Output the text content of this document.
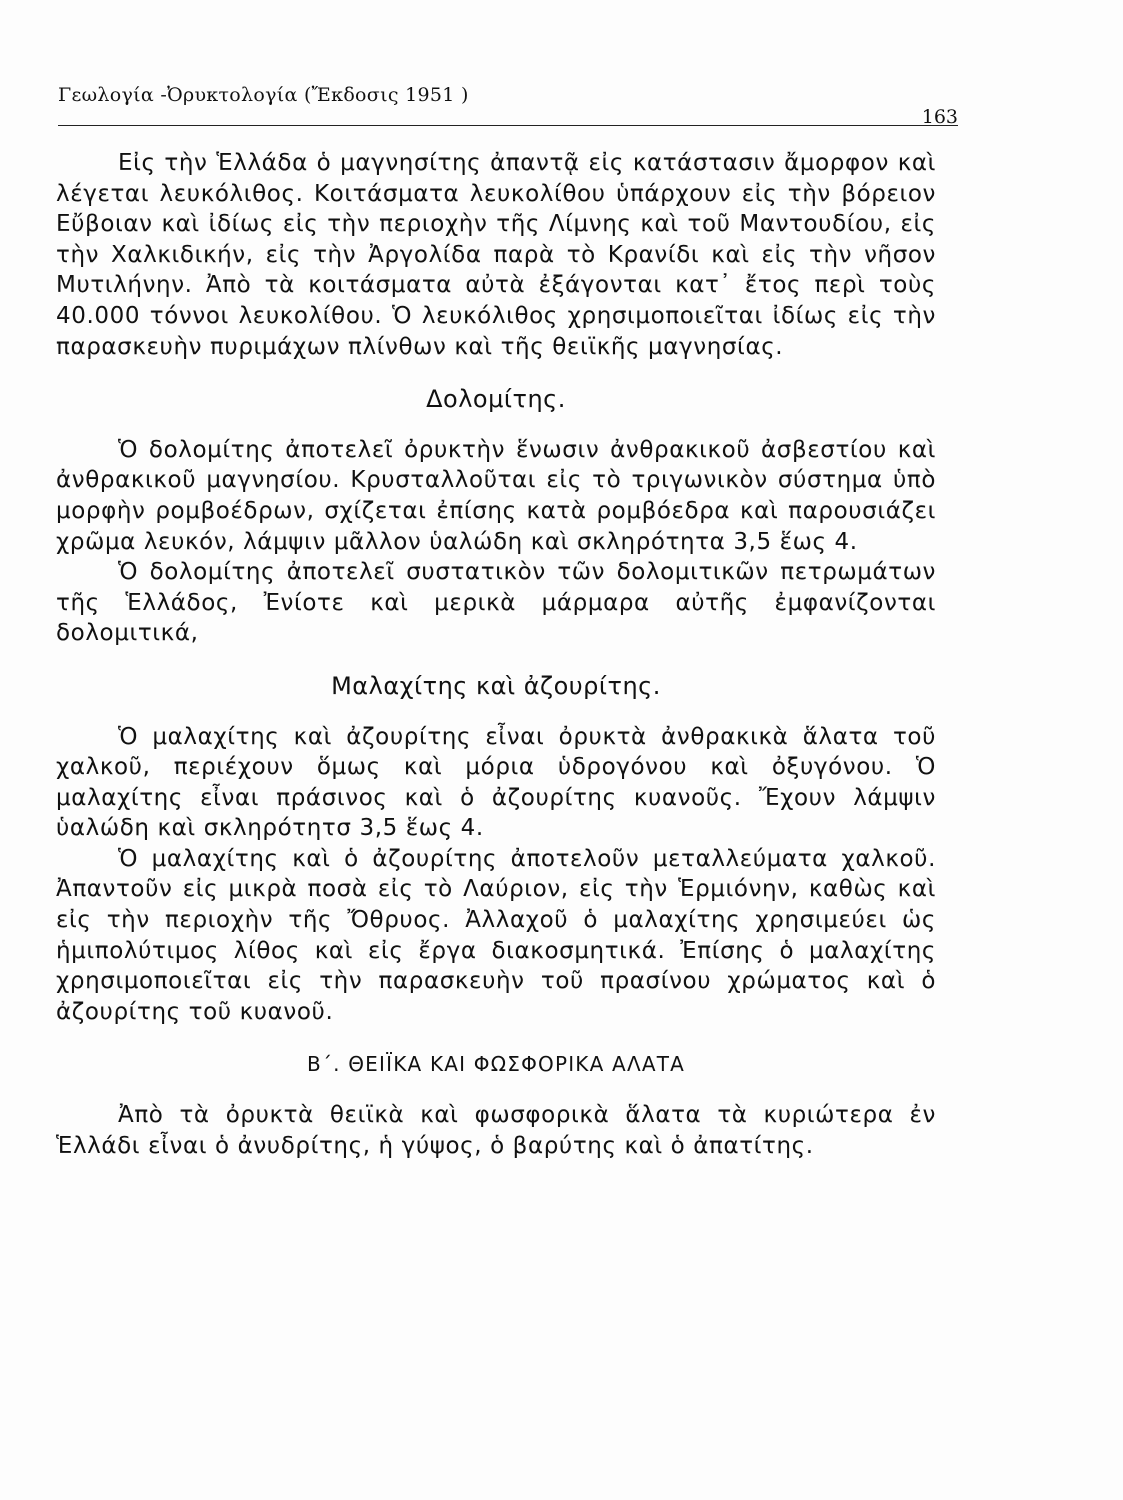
Γεωλογία -Ὀρυκτολογία (Ἔκδοσις 1951 )
163

Εἰς τὴν Ἑλλάδα ὁ μαγνησίτης ἀπαντᾷ εἰς κατάστασιν ἄμορφον καὶ λέγεται λευκόλιθος. Κοιτάσματα λευκολίθου ὑπάρχουν εἰς τὴν βόρειον Εὔβοιαν καὶ ἰδίως εἰς τὴν περιοχὴν τῆς Λίμνης καὶ τοῦ Μαντουδίου, εἰς τὴν Χαλκιδικήν, εἰς τὴν Ἀργολίδα παρὰ τὸ Κρανίδι καὶ εἰς τὴν νῆσον Μυτιλήνην. Ἀπὸ τὰ κοιτάσματα αὐτὰ ἐξάγονται κατ᾽ ἔτος περὶ τοὺς 40.000 τόννοι λευκολίθου. Ὁ λευκόλιθος χρησιμοποιεῖται ἰδίως εἰς τὴν παρασκευὴν πυριμάχων πλίνθων καὶ τῆς θειϊκῆς μαγνησίας.

Δολομίτης.

Ὁ δολομίτης ἀποτελεῖ ὀρυκτὴν ἕνωσιν ἀνθρακικοῦ ἀσβεστίου καὶ ἀνθρακικοῦ μαγνησίου. Κρυσταλλοῦται εἰς τὸ τριγωνικὸν σύστημα ὑπὸ μορφὴν ρομβοέδρων, σχίζεται ἐπίσης κατὰ ρομβόεδρα καὶ παρουσιάζει χρῶμα λευκόν, λάμψιν μᾶλλον ὑαλώδη καὶ σκληρότητα 3,5 ἕως 4.

Ὁ δολομίτης ἀποτελεῖ συστατικὸν τῶν δολομιτικῶν πετρωμάτων τῆς Ἑλλάδος, Ἐνίοτε καὶ μερικὰ μάρμαρα αὐτῆς ἐμφανίζονται δολομιτικά,

Μαλαχίτης καὶ ἀζουρίτης.

Ὁ μαλαχίτης καὶ ἀζουρίτης εἶναι ὀρυκτὰ ἀνθρακικὰ ἅλατα τοῦ χαλκοῦ, περιέχουν ὅμως καὶ μόρια ὑδρογόνου καὶ ὀξυγόνου. Ὁ μαλαχίτης εἶναι πράσινος καὶ ὁ ἀζουρίτης κυανοῦς. Ἔχουν λάμψιν ὑαλώδη καὶ σκληρότητσ 3,5 ἕως 4.

Ὁ μαλαχίτης καὶ ὁ ἀζουρίτης ἀποτελοῦν μεταλλεύματα χαλκοῦ. Ἀπαντοῦν εἰς μικρὰ ποσὰ εἰς τὸ Λαύριον, εἰς τὴν Ἑρμιόνην, καθὼς καὶ εἰς τὴν περιοχὴν τῆς Ὄθρυος. Ἀλλαχοῦ ὁ μαλαχίτης χρησιμεύει ὡς ἡμιπολύτιμος λίθος καὶ εἰς ἔργα διακοσμητικά. Ἐπίσης ὁ μαλαχίτης χρησιμοποιεῖται εἰς τὴν παρασκευὴν τοῦ πρασίνου χρώματος καὶ ὁ ἀζουρίτης τοῦ κυανοῦ.

Β΄. ΘΕΙΪΚΑ ΚΑΙ ΦΩΣΦΟΡΙΚΑ ΑΛΑΤΑ

Ἀπὸ τὰ ὀρυκτὰ θειϊκὰ καὶ φωσφορικὰ ἅλατα τὰ κυριώτερα ἐν Ἑλλάδι εἶναι ὁ ἀνυδρίτης, ἡ γύψος, ὁ βαρύτης καὶ ὁ ἀπατίτης.
